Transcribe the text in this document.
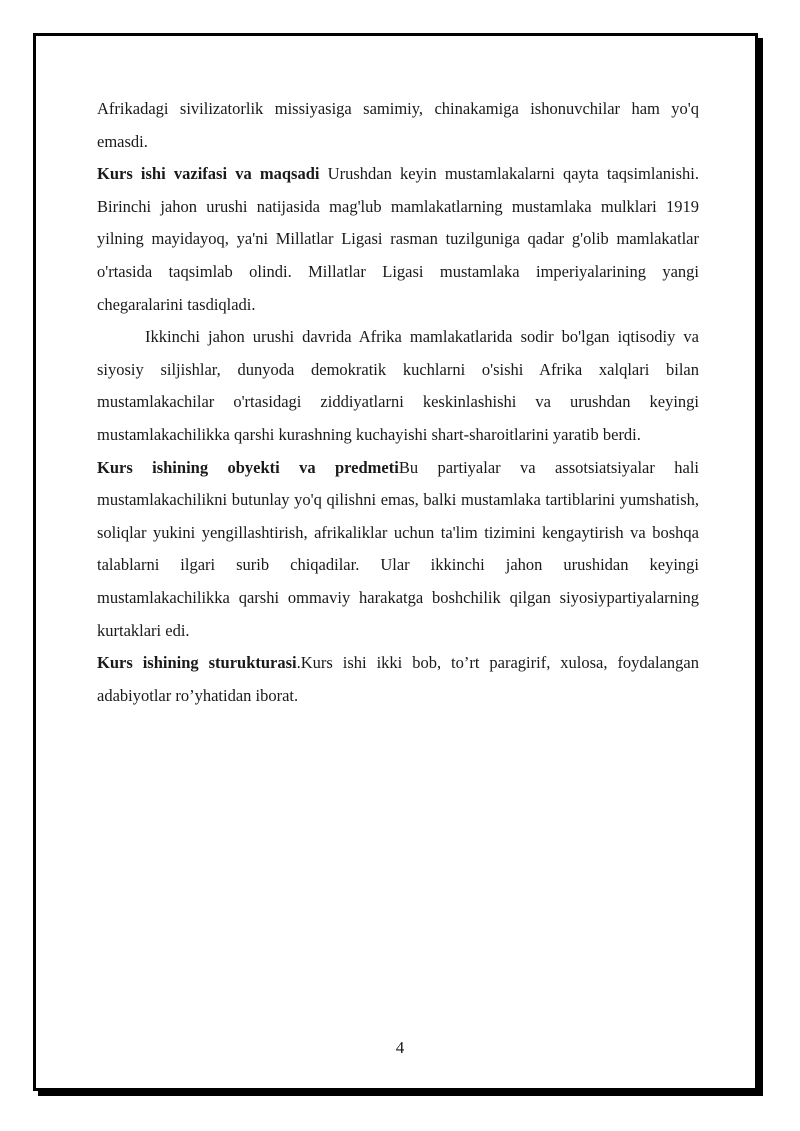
Afrikadagi sivilizatorlik missiyasiga samimiy, chinakamiga ishonuvchilar ham yo'q emasdi.

Kurs ishi vazifasi va maqsadi Urushdan keyin mustamlakalarni qayta taqsimlanishi. Birinchi jahon urushi natijasida mag'lub mamlakatlarning mustamlaka mulklari 1919 yilning mayidayoq, ya'ni Millatlar Ligasi rasman tuzilguniga qadar g'olib mamlakatlar o'rtasida taqsimlab olindi. Millatlar Ligasi mustamlaka imperiyalarining yangi chegaralarini tasdiqladi.

Ikkinchi jahon urushi davrida Afrika mamlakatlarida sodir bo'lgan iqtisodiy va siyosiy siljishlar, dunyoda demokratik kuchlarni o'sishi Afrika xalqlari bilan mustamlakachilar o'rtasidagi ziddiyatlarni keskinlashishi va urushdan keyingi mustamlakachilikka qarshi kurashning kuchayishi shart-sharoitlarini yaratib berdi.

Kurs ishining obyekti va predmetiBu partiyalar va assotsiatsiyalar hali mustamlakachilikni butunlay yo'q qilishni emas, balki mustamlaka tartiblarini yumshatish, soliqlar yukini yengillashtirish, afrikaliklar uchun ta'lim tizimini kengaytirish va boshqa talablarni ilgari surib chiqadilar. Ular ikkinchi jahon urushidan keyingi mustamlakachilikka qarshi ommaviy harakatga boshchilik qilgan siyosiypartiyalarning kurtaklari edi.

Kurs ishining sturukturasi.Kurs ishi ikki bob, to’rt paragirif, xulosa, foydalangan adabiyotlar ro’yhatidan iborat.

4
